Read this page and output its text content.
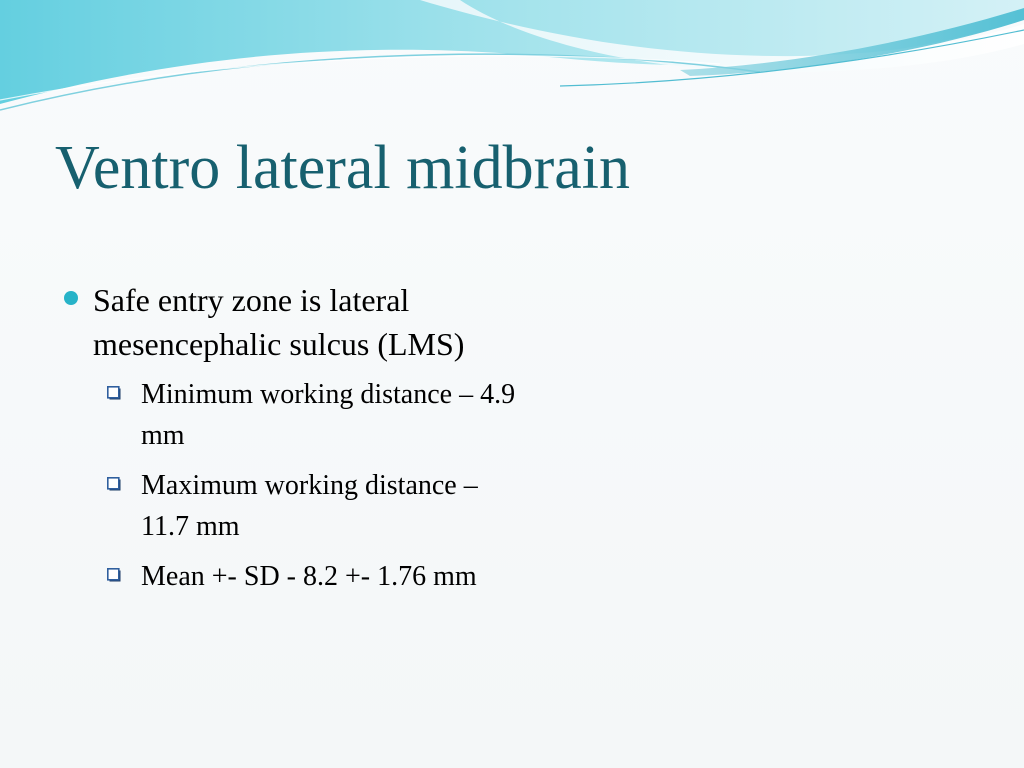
Ventro lateral midbrain
Safe entry zone is lateral mesencephalic sulcus (LMS)
Minimum working distance – 4.9 mm
Maximum working distance – 11.7 mm
Mean +- SD - 8.2 +- 1.76 mm
